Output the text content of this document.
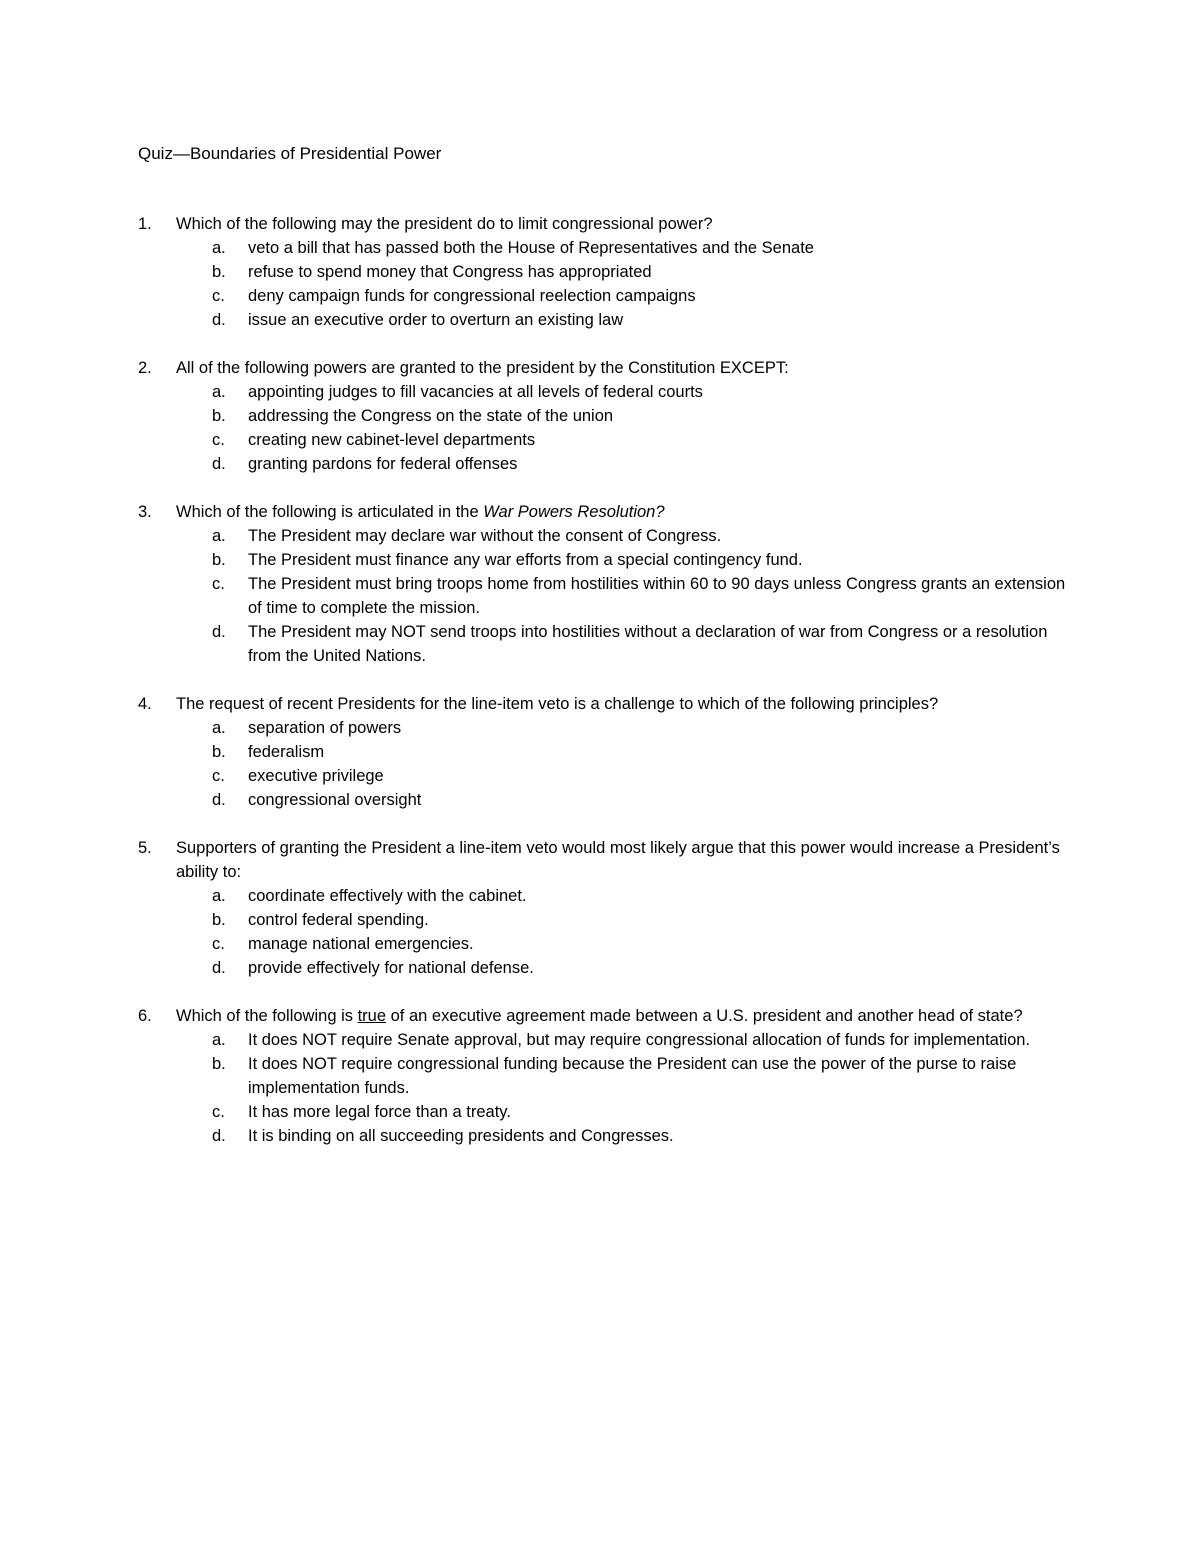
Quiz—Boundaries of Presidential Power
1.	Which of the following may the president do to limit congressional power?
a. veto a bill that has passed both the House of Representatives and the Senate
b. refuse to spend money that Congress has appropriated
c. deny campaign funds for congressional reelection campaigns
d. issue an executive order to overturn an existing law
2.	All of the following powers are granted to the president by the Constitution EXCEPT:
a. appointing judges to fill vacancies at all levels of federal courts
b. addressing the Congress on the state of the union
c. creating new cabinet-level departments
d. granting pardons for federal offenses
3.	Which of the following is articulated in the War Powers Resolution?
a. The President may declare war without the consent of Congress.
b. The President must finance any war efforts from a special contingency fund.
c. The President must bring troops home from hostilities within 60 to 90 days unless Congress grants an extension of time to complete the mission.
d. The President may NOT send troops into hostilities without a declaration of war from Congress or a resolution from the United Nations.
4.	The request of recent Presidents for the line-item veto is a challenge to which of the following principles?
a. separation of powers
b. federalism
c. executive privilege
d. congressional oversight
5.	Supporters of granting the President a line-item veto would most likely argue that this power would increase a President’s ability to:
a. coordinate effectively with the cabinet.
b. control federal spending.
c. manage national emergencies.
d. provide effectively for national defense.
6.	Which of the following is true of an executive agreement made between a U.S. president and another head of state?
a. It does NOT require Senate approval, but may require congressional allocation of funds for implementation.
b. It does NOT require congressional funding because the President can use the power of the purse to raise implementation funds.
c. It has more legal force than a treaty.
d. It is binding on all succeeding presidents and Congresses.
